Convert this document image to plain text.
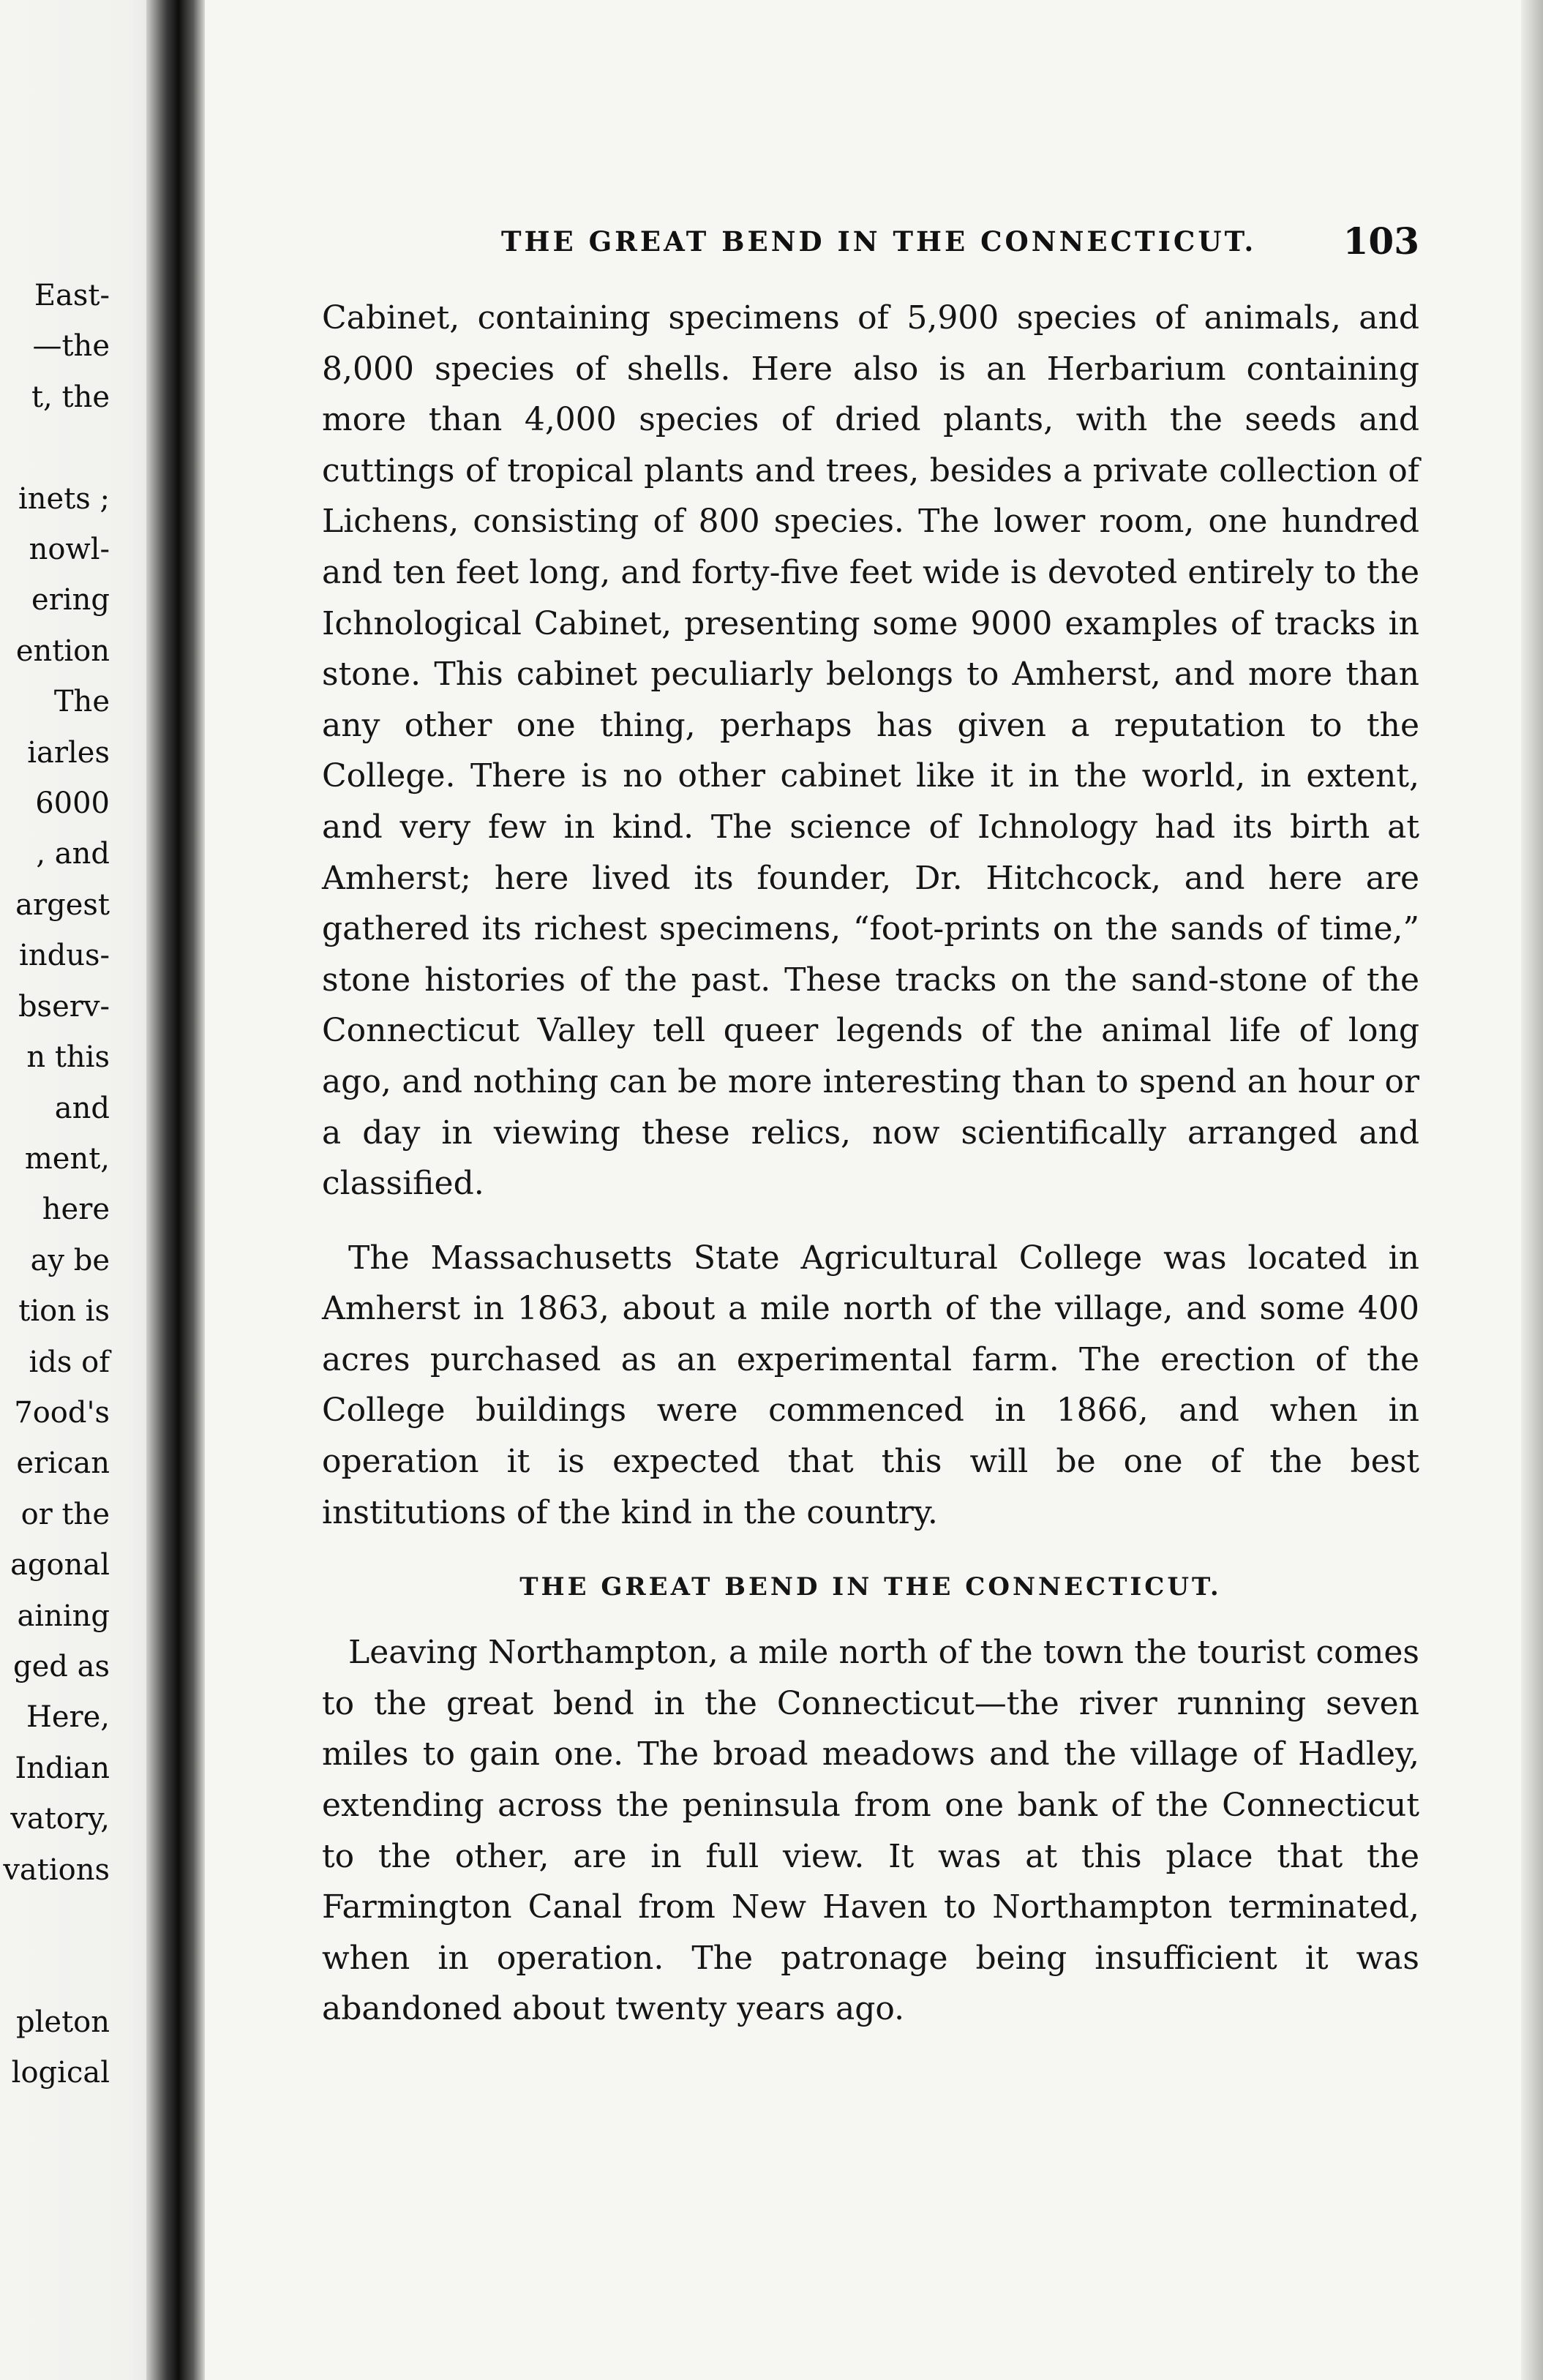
East-
—the
t, the

inets ;
nowl-
ering
ention
The
iarles
6000
, and
argest
indus-
bserv-
n this
and
ment,
here
ay be
tion is
ids of
7ood's
erican
or the
agonal
aining
ged as
Here,
Indian
vatory,
vations

pleton
logical
THE GREAT BEND IN THE CONNECTICUT. 103

Cabinet, containing specimens of 5,900 species of animals, and 8,000 species of shells. Here also is an Herbarium containing more than 4,000 species of dried plants, with the seeds and cuttings of tropical plants and trees, besides a private collection of Lichens, consisting of 800 species. The lower room, one hundred and ten feet long, and forty-five feet wide is devoted entirely to the Ichnological Cabinet, presenting some 9000 examples of tracks in stone. This cabinet peculiarly belongs to Amherst, and more than any other one thing, perhaps has given a reputation to the College. There is no other cabinet like it in the world, in extent, and very few in kind. The science of Ichnology had its birth at Amherst; here lived its founder, Dr. Hitchcock, and here are gathered its richest specimens, “foot-prints on the sands of time,” stone histories of the past. These tracks on the sand-stone of the Connecticut Valley tell queer legends of the animal life of long ago, and nothing can be more interesting than to spend an hour or a day in viewing these relics, now scientifically arranged and classified.

The Massachusetts State Agricultural College was located in Amherst in 1863, about a mile north of the village, and some 400 acres purchased as an experimental farm. The erection of the College buildings were commenced in 1866, and when in operation it is expected that this will be one of the best institutions of the kind in the country.

THE GREAT BEND IN THE CONNECTICUT.

Leaving Northampton, a mile north of the town the tourist comes to the great bend in the Connecticut—the river running seven miles to gain one. The broad meadows and the village of Hadley, extending across the peninsula from one bank of the Connecticut to the other, are in full view. It was at this place that the Farmington Canal from New Haven to Northampton terminated, when in operation. The patronage being insufficient it was abandoned about twenty years ago.
